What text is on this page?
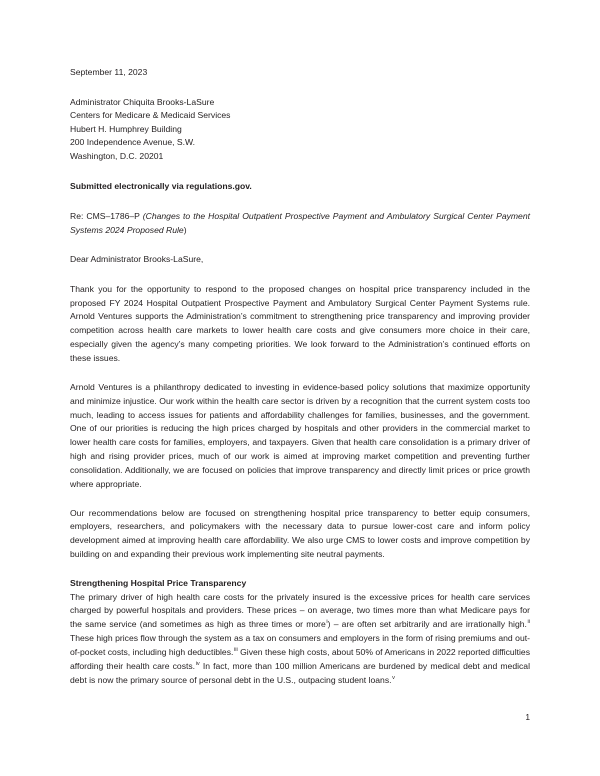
September 11, 2023
Administrator Chiquita Brooks-LaSure
Centers for Medicare & Medicaid Services
Hubert H. Humphrey Building
200 Independence Avenue, S.W.
Washington, D.C. 20201
Submitted electronically via regulations.gov.
Re: CMS–1786–P (Changes to the Hospital Outpatient Prospective Payment and Ambulatory Surgical Center Payment Systems 2024 Proposed Rule)
Dear Administrator Brooks-LaSure,

Thank you for the opportunity to respond to the proposed changes on hospital price transparency included in the proposed FY 2024 Hospital Outpatient Prospective Payment and Ambulatory Surgical Center Payment Systems rule. Arnold Ventures supports the Administration’s commitment to strengthening price transparency and improving provider competition across health care markets to lower health care costs and give consumers more choice in their care, especially given the agency’s many competing priorities. We look forward to the Administration’s continued efforts on these issues.

Arnold Ventures is a philanthropy dedicated to investing in evidence-based policy solutions that maximize opportunity and minimize injustice. Our work within the health care sector is driven by a recognition that the current system costs too much, leading to access issues for patients and affordability challenges for families, businesses, and the government. One of our priorities is reducing the high prices charged by hospitals and other providers in the commercial market to lower health care costs for families, employers, and taxpayers. Given that health care consolidation is a primary driver of high and rising provider prices, much of our work is aimed at improving market competition and preventing further consolidation. Additionally, we are focused on policies that improve transparency and directly limit prices or price growth where appropriate.

Our recommendations below are focused on strengthening hospital price transparency to better equip consumers, employers, researchers, and policymakers with the necessary data to pursue lower-cost care and inform policy development aimed at improving health care affordability. We also urge CMS to lower costs and improve competition by building on and expanding their previous work implementing site neutral payments.

Strengthening Hospital Price Transparency

The primary driver of high health care costs for the privately insured is the excessive prices for health care services charged by powerful hospitals and providers. These prices – on average, two times more than what Medicare pays for the same service (and sometimes as high as three times or more$^i$) – are often set arbitrarily and are irrationally high.$^{ii}$ These high prices flow through the system as a tax on consumers and employers in the form of rising premiums and out-of-pocket costs, including high deductibles.$^{iii}$ Given these high costs, about 50% of Americans in 2022 reported difficulties affording their health care costs.$^{iv}$ In fact, more than 100 million Americans are burdened by medical debt and medical debt is now the primary source of personal debt in the U.S., outpacing student loans.$^v$

1
